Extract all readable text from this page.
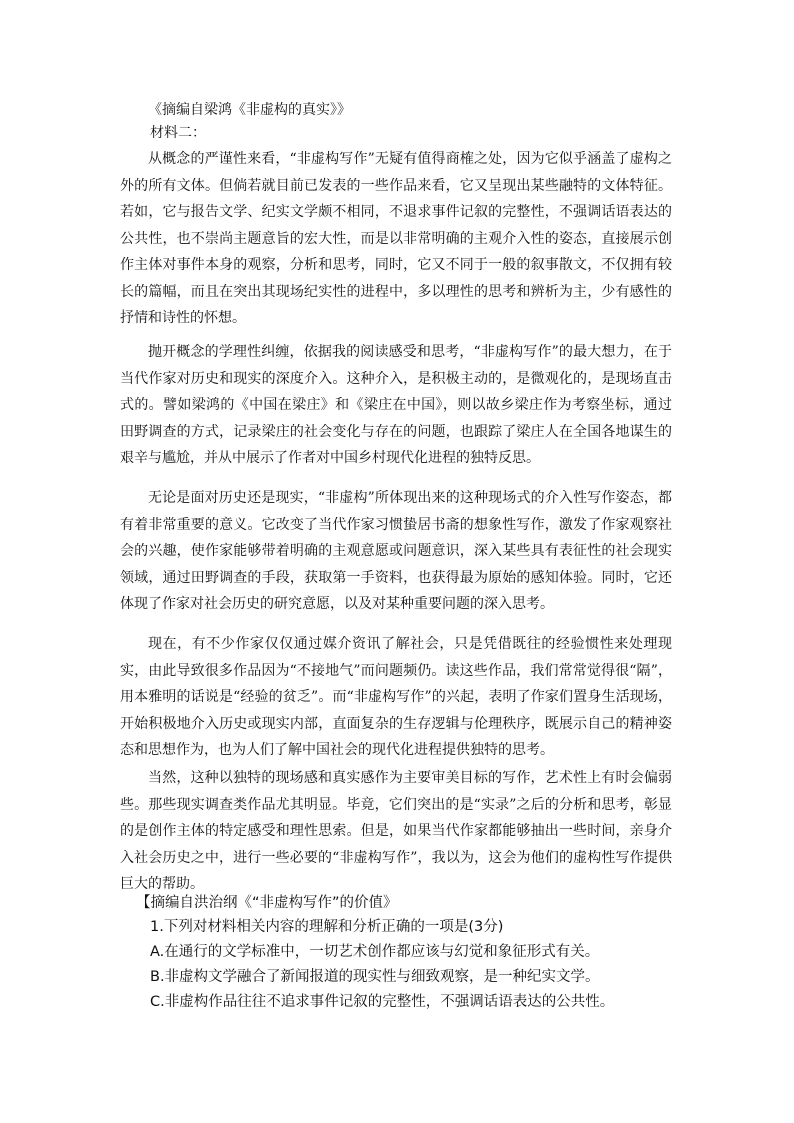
《摘编自梁鸿《非虚构的真实》》
材料二：

从概念的严谨性来看，“非虚构写作”无疑有值得商榷之处，因为它似乎涵盖了虚构之外的所有文体。但倘若就目前已发表的一些作品来看，它又呈现出某些融特的文体特征。若如，它与报告文学、纪实文学颇不相同，不退求事件记叙的完整性，不强调话语表达的公共性，也不崇尚主题意旨的宏大性，而是以非常明确的主观介入性的姿态，直接展示创作主体对事件本身的观察，分析和思考，同时，它又不同于一般的叙事散文，不仅拥有较长的篇幅，而且在突出其现场纪实性的进程中，多以理性的思考和辨析为主，少有感性的抒情和诗性的怀想。

抛开概念的学理性纠缠，依据我的阅读感受和思考，“非虚构写作”的最大想力，在于当代作家对历史和现实的深度介入。这种介入，是积极主动的，是微观化的，是现场直击式的。譬如梁鸿的《中国在梁庄》和《梁庄在中国》，则以故乡梁庄作为考察坐标，通过田野调查的方式，记录梁庄的社会变化与存在的问题，也跟踪了梁庄人在全国各地谋生的艰辛与尴尬，并从中展示了作者对中国乡村现代化进程的独特反思。

无论是面对历史还是现实，“非虚构”所体现出来的这种现场式的介入性写作姿态，都有着非常重要的意义。它改变了当代作家习惯蛰居书斋的想象性写作，激发了作家观察社会的兴趣，使作家能够带着明确的主观意愿或问题意识，深入某些具有表征性的社会现实领域，通过田野调查的手段，获取第一手资料，也获得最为原始的感知体验。同时，它还体现了作家对社会历史的研究意愿，以及对某种重要问题的深入思考。

现在，有不少作家仅仅通过媒介资讯了解社会，只是凭借既往的经验惯性来处理现实，由此导致很多作品因为“不接地气”而问题频仍。读这些作品，我们常常觉得很“隔”，用本雅明的话说是“经验的贫乏”。而“非虚构写作”的兴起，表明了作家们置身生活现场，开始积极地介入历史或现实内部，直面复杂的生存逻辑与伦理秩序，既展示自己的精神姿态和思想作为，也为人们了解中国社会的现代化进程提供独特的思考。

当然，这种以独特的现场感和真实感作为主要审美目标的写作，艺术性上有时会偏弱些。那些现实调查类作品尤其明显。毕竟，它们突出的是“实录”之后的分析和思考，彰显的是创作主体的特定感受和理性思索。但是，如果当代作家都能够抽出一些时间，亲身介入社会历史之中，进行一些必要的“非虚构写作”，我以为，这会为他们的虚构性写作提供巨大的帮助。

【摘编自洪治纲《“非虚构写作”的价值》
1.下列对材料相关内容的理解和分析正确的一项是(3分)
A.在通行的文学标准中，一切艺术创作都应该与幻觉和象征形式有关。
B.非虚构文学融合了新闻报道的现实性与细致观察，是一种纪实文学。
C.非虚构作品往往不追求事件记叙的完整性，不强调话语表达的公共性。
